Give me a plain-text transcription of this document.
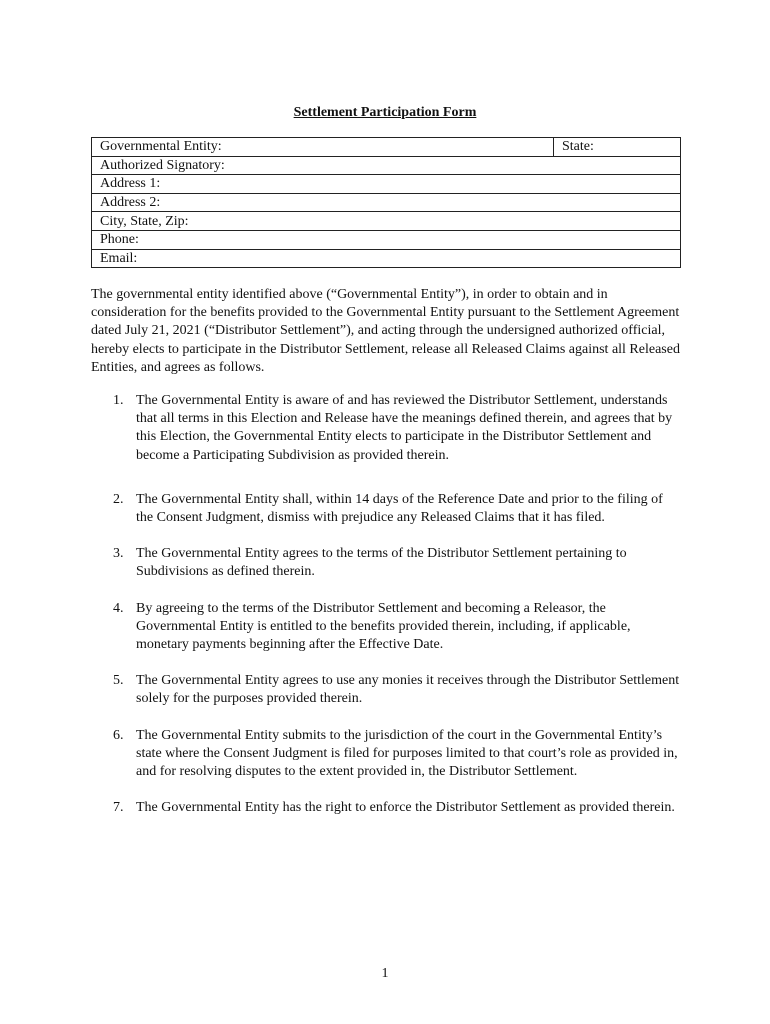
Settlement Participation Form
Governmental Entity:	State:
Authorized Signatory:
Address 1:
Address 2:
City, State, Zip:
Phone:
Email:

The governmental entity identified above (“Governmental Entity”), in order to obtain and in consideration for the benefits provided to the Governmental Entity pursuant to the Settlement Agreement dated July 21, 2021 (“Distributor Settlement”), and acting through the undersigned authorized official, hereby elects to participate in the Distributor Settlement, release all Released Claims against all Released Entities, and agrees as follows.

1. The Governmental Entity is aware of and has reviewed the Distributor Settlement, understands that all terms in this Election and Release have the meanings defined therein, and agrees that by this Election, the Governmental Entity elects to participate in the Distributor Settlement and become a Participating Subdivision as provided therein.
2. The Governmental Entity shall, within 14 days of the Reference Date and prior to the filing of the Consent Judgment, dismiss with prejudice any Released Claims that it has filed.
3. The Governmental Entity agrees to the terms of the Distributor Settlement pertaining to Subdivisions as defined therein.
4. By agreeing to the terms of the Distributor Settlement and becoming a Releasor, the Governmental Entity is entitled to the benefits provided therein, including, if applicable, monetary payments beginning after the Effective Date.
5. The Governmental Entity agrees to use any monies it receives through the Distributor Settlement solely for the purposes provided therein.
6. The Governmental Entity submits to the jurisdiction of the court in the Governmental Entity’s state where the Consent Judgment is filed for purposes limited to that court’s role as provided in, and for resolving disputes to the extent provided in, the Distributor Settlement.
7. The Governmental Entity has the right to enforce the Distributor Settlement as provided therein.
1
